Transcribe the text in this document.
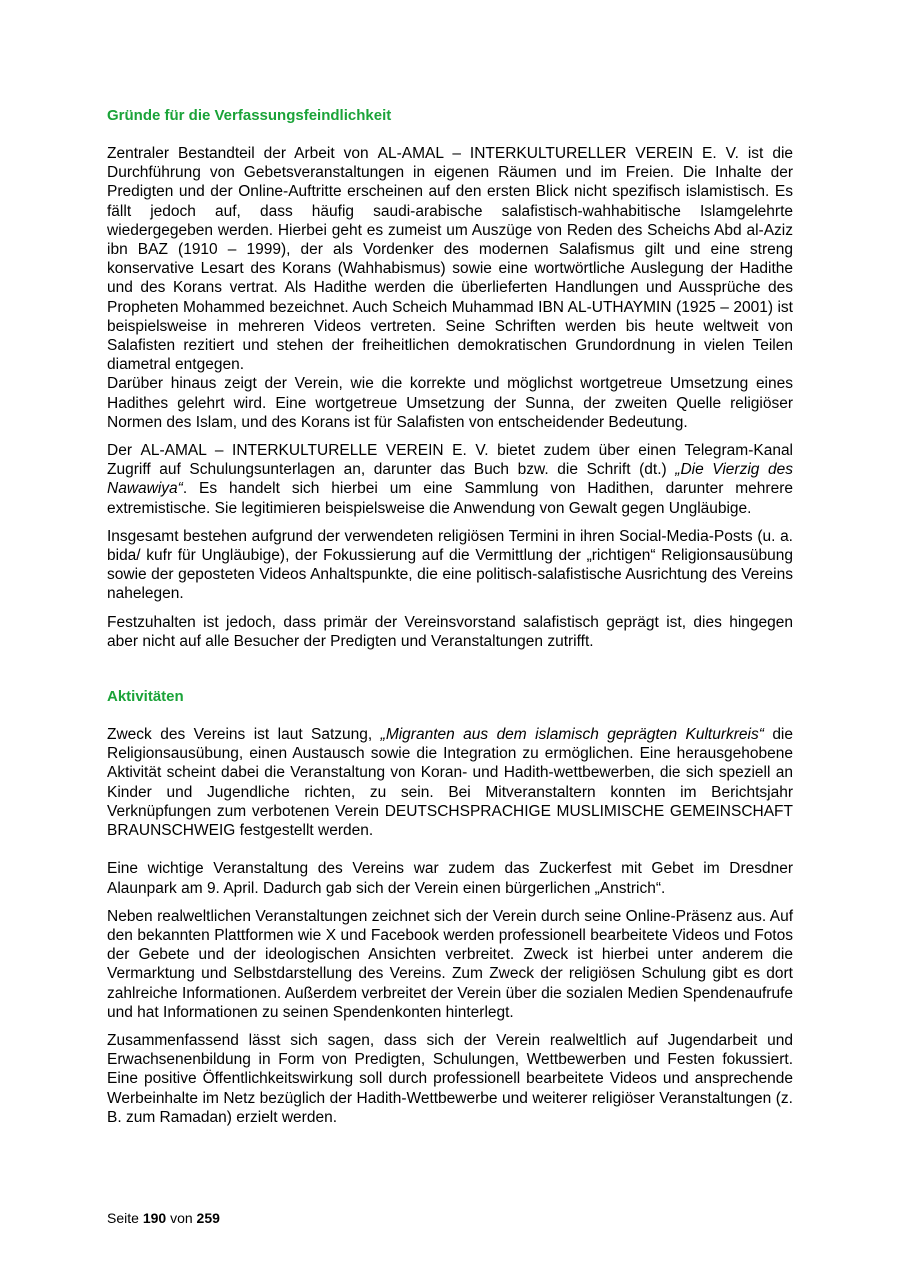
Gründe für die Verfassungsfeindlichkeit

Zentraler Bestandteil der Arbeit von AL-AMAL – INTERKULTURELLER VEREIN E. V. ist die Durchführung von Gebetsveranstaltungen in eigenen Räumen und im Freien. Die Inhalte der Predigten und der Online-Auftritte erscheinen auf den ersten Blick nicht spezifisch islamistisch. Es fällt jedoch auf, dass häufig saudi-arabische salafistisch-wahhabitische Islamgelehrte wiedergegeben werden. Hierbei geht es zumeist um Auszüge von Reden des Scheichs Abd al-Aziz ibn BAZ (1910 – 1999), der als Vordenker des modernen Salafismus gilt und eine streng konservative Lesart des Korans (Wahhabismus) sowie eine wortwörtliche Auslegung der Hadithe und des Korans vertrat. Als Hadithe werden die überlieferten Handlungen und Aussprüche des Propheten Mohammed bezeichnet. Auch Scheich Muhammad IBN AL-UTHAYMIN (1925 – 2001) ist beispielsweise in mehreren Videos vertreten. Seine Schriften werden bis heute weltweit von Salafisten rezitiert und stehen der freiheitlichen demokratischen Grundordnung in vielen Teilen diametral entgegen.

Darüber hinaus zeigt der Verein, wie die korrekte und möglichst wortgetreue Umsetzung eines Hadithes gelehrt wird. Eine wortgetreue Umsetzung der Sunna, der zweiten Quelle religiöser Normen des Islam, und des Korans ist für Salafisten von entscheidender Bedeutung.

Der AL-AMAL – INTERKULTURELLE VEREIN E. V. bietet zudem über einen Telegram-Kanal Zugriff auf Schulungsunterlagen an, darunter das Buch bzw. die Schrift (dt.) „Die Vierzig des Nawawiya“. Es handelt sich hierbei um eine Sammlung von Hadithen, darunter mehrere extremistische. Sie legitimieren beispielsweise die Anwendung von Gewalt gegen Ungläubige.

Insgesamt bestehen aufgrund der verwendeten religiösen Termini in ihren Social-Media-Posts (u. a. bida/ kufr für Ungläubige), der Fokussierung auf die Vermittlung der „richtigen“ Religionsausübung sowie der geposteten Videos Anhaltspunkte, die eine politisch-salafistische Ausrichtung des Vereins nahelegen.

Festzuhalten ist jedoch, dass primär der Vereinsvorstand salafistisch geprägt ist, dies hingegen aber nicht auf alle Besucher der Predigten und Veranstaltungen zutrifft.

Aktivitäten

Zweck des Vereins ist laut Satzung, „Migranten aus dem islamisch geprägten Kulturkreis“ die Religionsausübung, einen Austausch sowie die Integration zu ermöglichen. Eine herausgehobene Aktivität scheint dabei die Veranstaltung von Koran- und Hadith-wettbewerben, die sich speziell an Kinder und Jugendliche richten, zu sein. Bei Mitveranstaltern konnten im Berichtsjahr Verknüpfungen zum verbotenen Verein DEUTSCHSPRACHIGE MUSLIMISCHE GEMEINSCHAFT BRAUNSCHWEIG festgestellt werden.

Eine wichtige Veranstaltung des Vereins war zudem das Zuckerfest mit Gebet im Dresdner Alaunpark am 9. April. Dadurch gab sich der Verein einen bürgerlichen „Anstrich“.

Neben realweltlichen Veranstaltungen zeichnet sich der Verein durch seine Online-Präsenz aus. Auf den bekannten Plattformen wie X und Facebook werden professionell bearbeitete Videos und Fotos der Gebete und der ideologischen Ansichten verbreitet. Zweck ist hierbei unter anderem die Vermarktung und Selbstdarstellung des Vereins. Zum Zweck der religiösen Schulung gibt es dort zahlreiche Informationen. Außerdem verbreitet der Verein über die sozialen Medien Spendenaufrufe und hat Informationen zu seinen Spendenkonten hinterlegt.

Zusammenfassend lässt sich sagen, dass sich der Verein realweltlich auf Jugendarbeit und Erwachsenenbildung in Form von Predigten, Schulungen, Wettbewerben und Festen fokussiert. Eine positive Öffentlichkeitswirkung soll durch professionell bearbeitete Videos und ansprechende Werbeinhalte im Netz bezüglich der Hadith-Wettbewerbe und weiterer religiöser Veranstaltungen (z. B. zum Ramadan) erzielt werden.

Seite 190 von 259
